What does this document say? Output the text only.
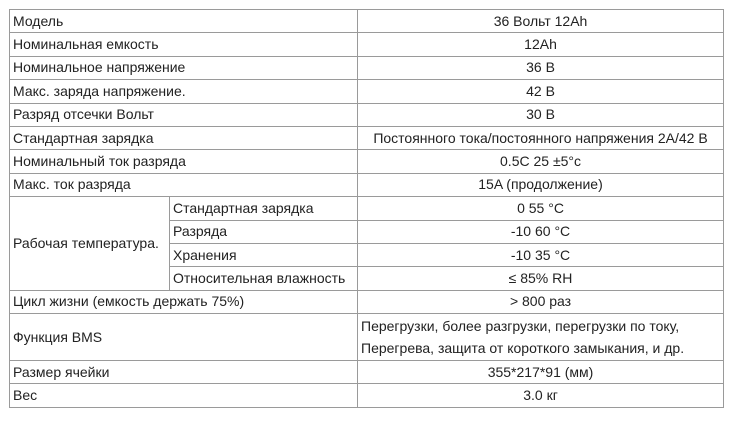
Модель		36 Вольт 12Ah
Номинальная емкость		12Ah
Номинальное напряжение		36 В
Макс. заряда напряжение.		42 В
Разряд отсечки Вольт		30 В
Стандартная зарядка		Постоянного тока/постоянного напряжения 2А/42 В
Номинальный ток разряда		0.5C 25 ±5°с
Макс. ток разряда		15A (продолжение)
Рабочая температура.	Стандартная зарядка	0 55 °C
	Разряда	-10 60 °C
	Хранения	-10 35 °C
	Относительная влажность	≤ 85% RH
Цикл жизни (емкость держать 75%)		> 800 раз
Функция BMS		Перегрузки, более разгрузки, перегрузки по току,
Перегрева, защита от короткого замыкания, и др.

Размер ячейки		355*217*91 (мм)
Вес		3.0 кг
